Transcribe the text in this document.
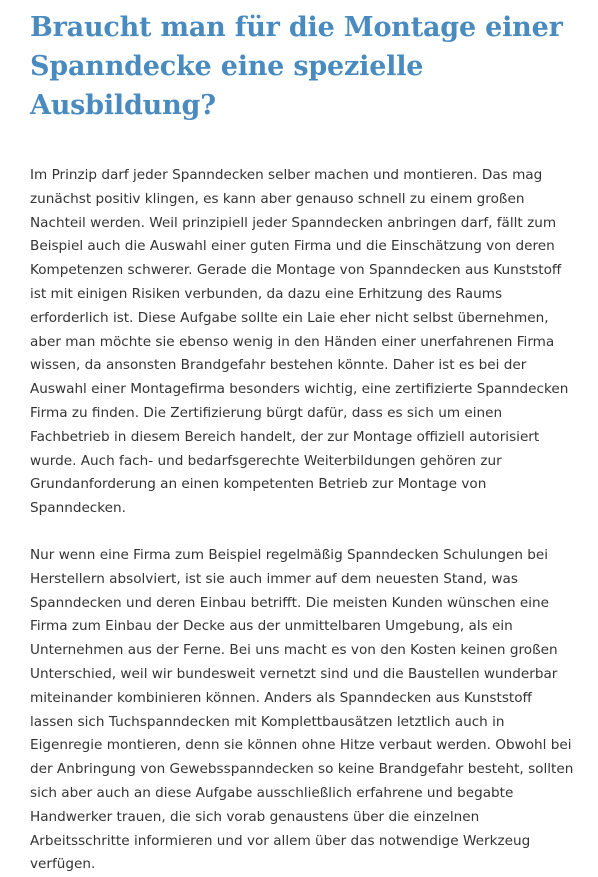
Braucht man für die Montage einer Spanndecke eine spezielle Ausbildung?

Im Prinzip darf jeder Spanndecken selber machen und montieren. Das mag zunächst positiv klingen, es kann aber genauso schnell zu einem großen Nachteil werden. Weil prinzipiell jeder Spanndecken anbringen darf, fällt zum Beispiel auch die Auswahl einer guten Firma und die Einschätzung von deren Kompetenzen schwerer. Gerade die Montage von Spanndecken aus Kunststoff ist mit einigen Risiken verbunden, da dazu eine Erhitzung des Raums erforderlich ist. Diese Aufgabe sollte ein Laie eher nicht selbst übernehmen, aber man möchte sie ebenso wenig in den Händen einer unerfahrenen Firma wissen, da ansonsten Brandgefahr bestehen könnte. Daher ist es bei der Auswahl einer Montagefirma besonders wichtig, eine zertifizierte Spanndecken Firma zu finden. Die Zertifizierung bürgt dafür, dass es sich um einen Fachbetrieb in diesem Bereich handelt, der zur Montage offiziell autorisiert wurde. Auch fach- und bedarfsgerechte Weiterbildungen gehören zur Grundanforderung an einen kompetenten Betrieb zur Montage von Spanndecken.

Nur wenn eine Firma zum Beispiel regelmäßig Spanndecken Schulungen bei Herstellern absolviert, ist sie auch immer auf dem neuesten Stand, was Spanndecken und deren Einbau betrifft. Die meisten Kunden wünschen eine Firma zum Einbau der Decke aus der unmittelbaren Umgebung, als ein Unternehmen aus der Ferne. Bei uns macht es von den Kosten keinen großen Unterschied, weil wir bundesweit vernetzt sind und die Baustellen wunderbar miteinander kombinieren können. Anders als Spanndecken aus Kunststoff lassen sich Tuchspanndecken mit Komplettbausätzen letztlich auch in Eigenregie montieren, denn sie können ohne Hitze verbaut werden. Obwohl bei der Anbringung von Gewebsspanndecken so keine Brandgefahr besteht, sollten sich aber auch an diese Aufgabe ausschließlich erfahrene und begabte Handwerker trauen, die sich vorab genaustens über die einzelnen Arbeitsschritte informieren und vor allem über das notwendige Werkzeug verfügen.
